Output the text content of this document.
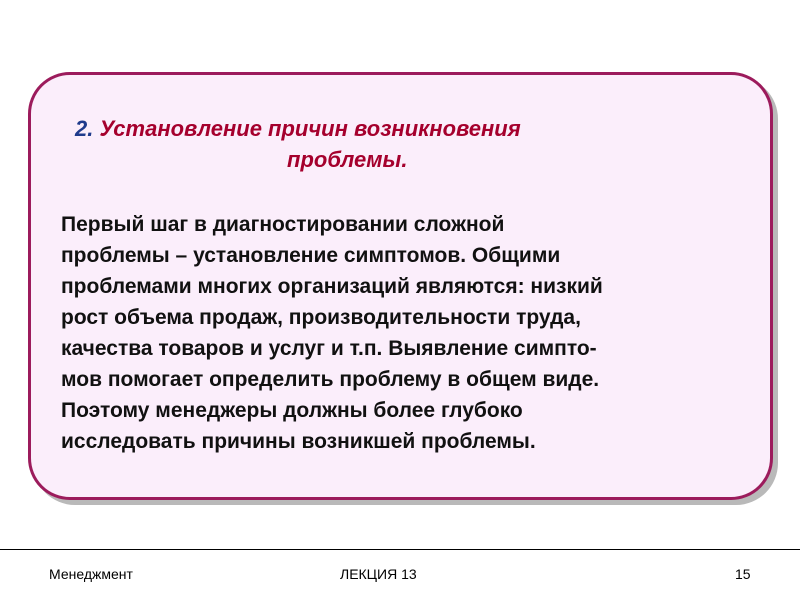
2. Установление причин возникновения
проблемы.
Первый шаг в диагностировании сложной
проблемы – установление симптомов. Общими
проблемами многих организаций являются: низкий
рост объема продаж, производительности труда,
качества товаров и услуг и т.п. Выявление симпто-
мов помогает определить проблему в общем виде.
Поэтому менеджеры должны более глубоко
исследовать причины возникшей проблемы.
Менеджмент	ЛЕКЦИЯ 13	15
